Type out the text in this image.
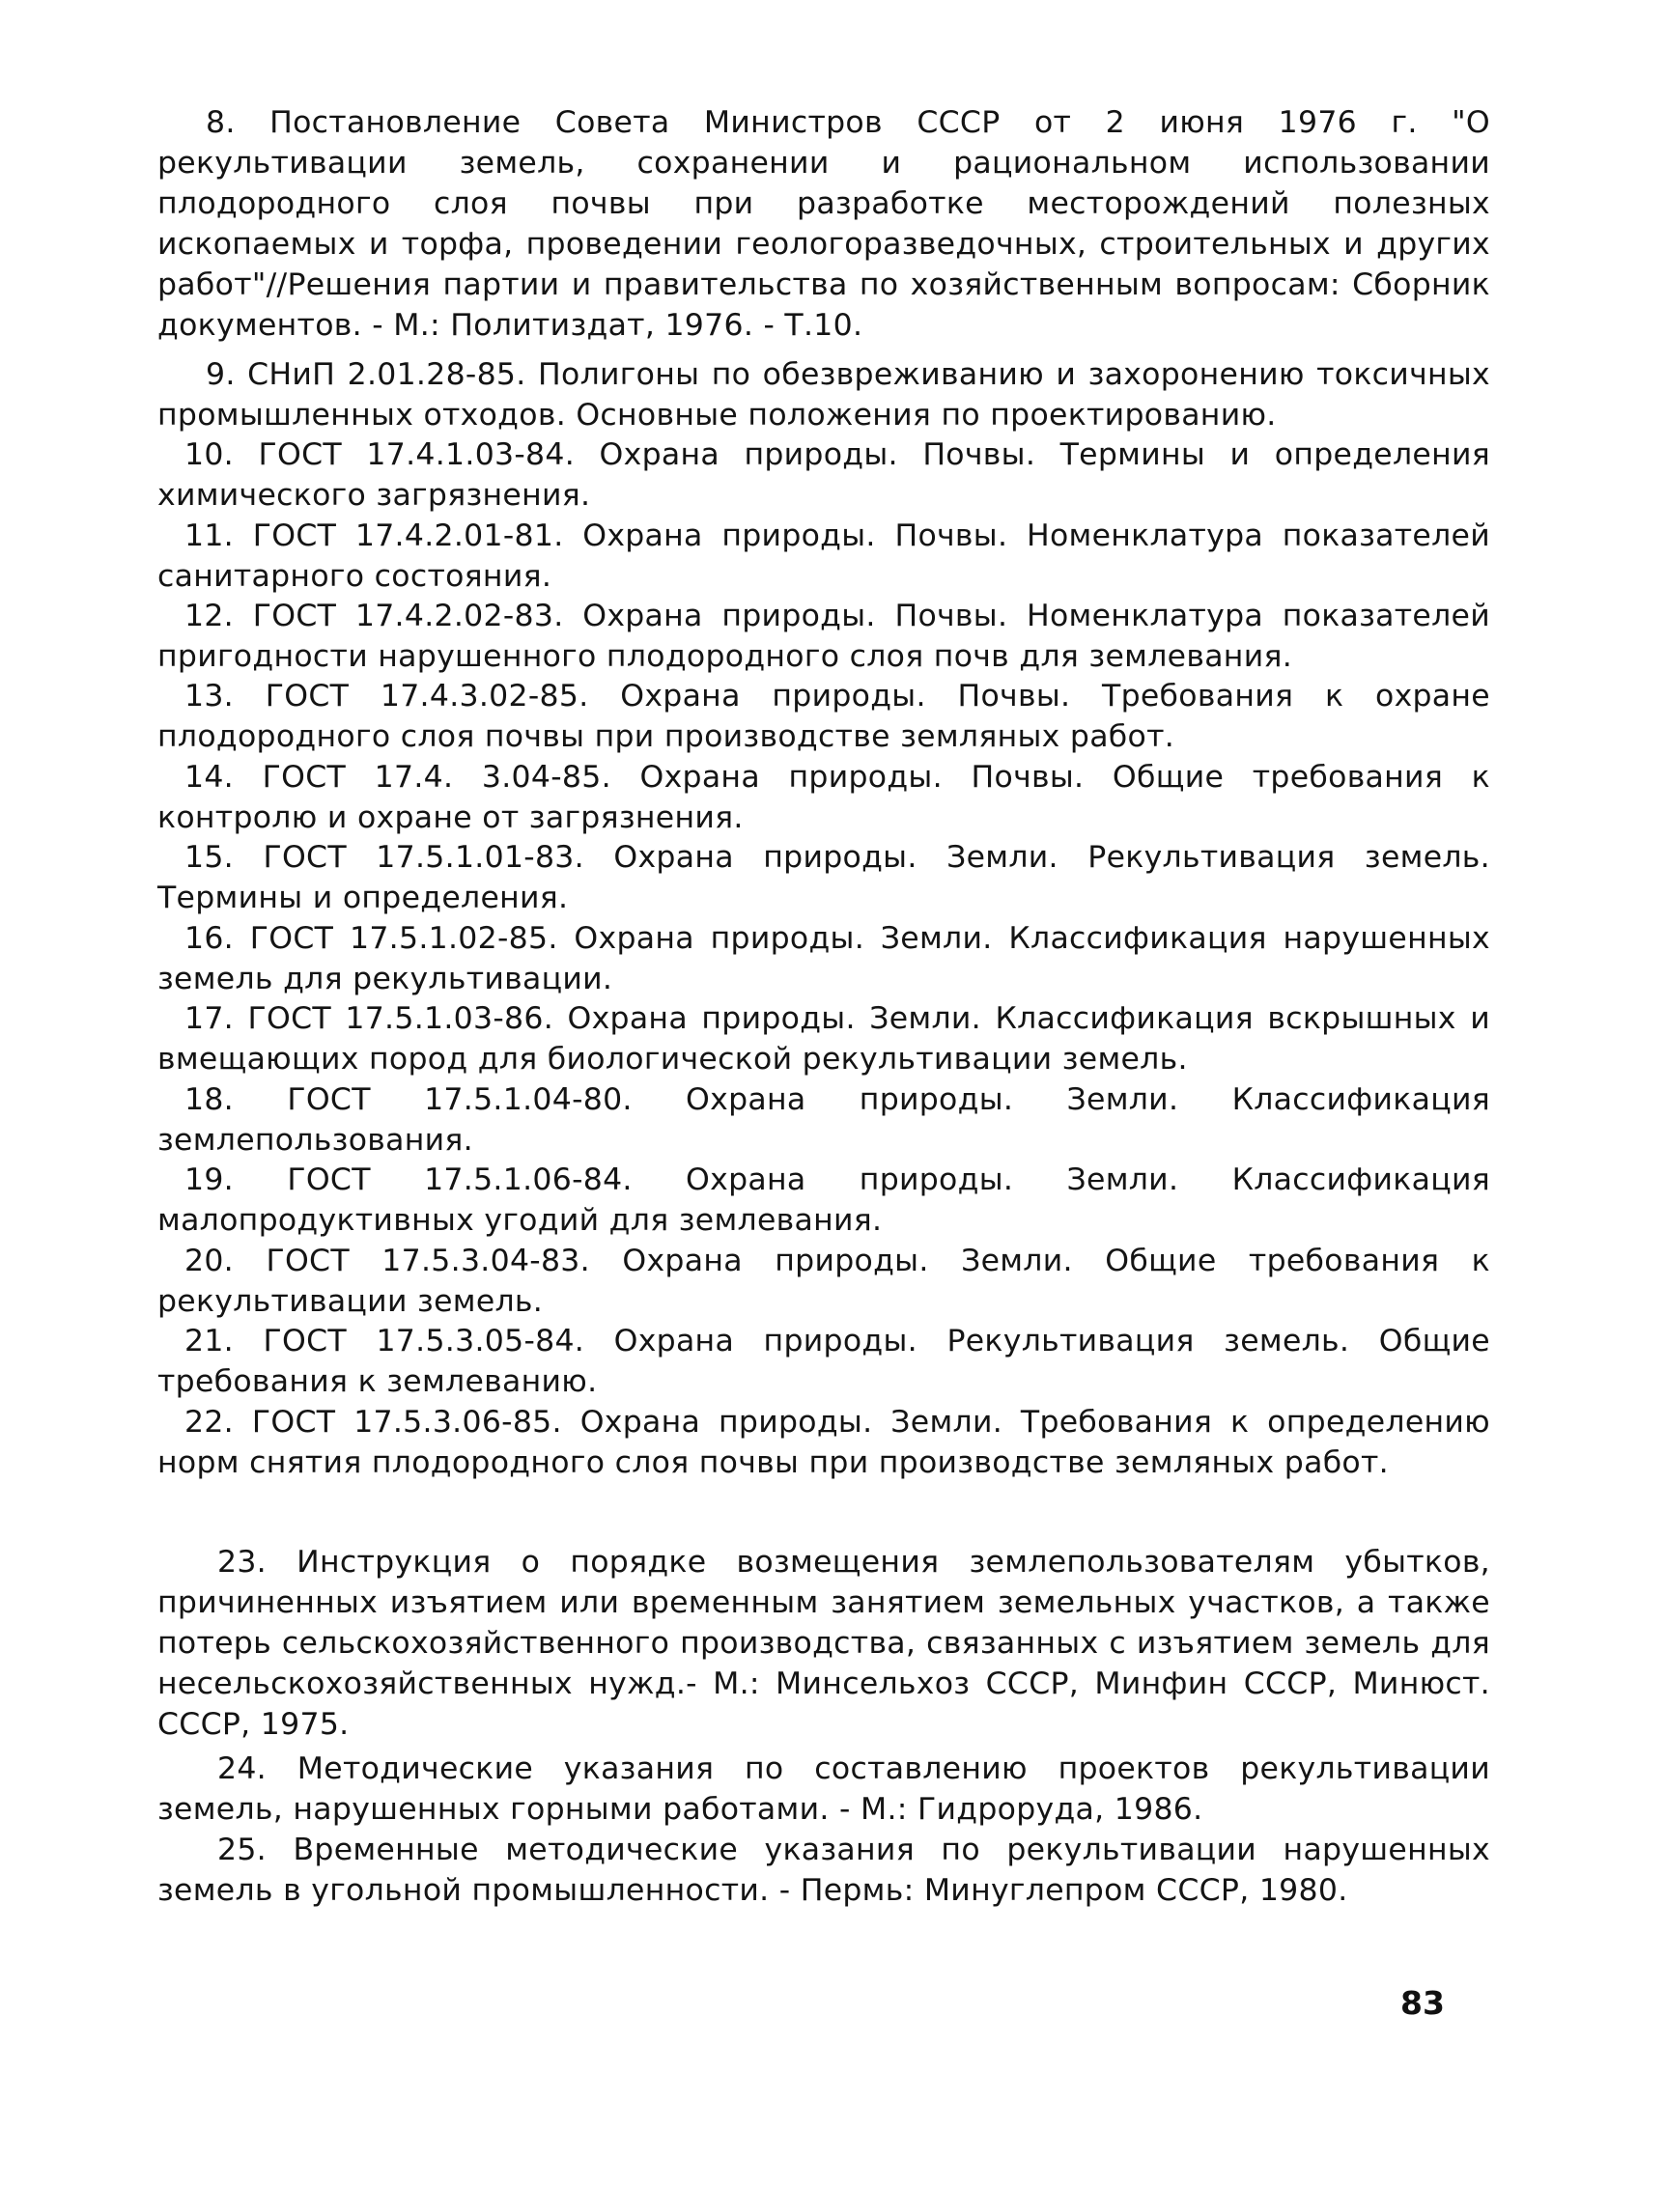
8. Постановление Совета Министров СССР от 2 июня 1976 г. "О рекультивации земель, сохранении и рациональном использовании плодородного слоя почвы при разработке месторождений полезных ископаемых и торфа, проведении геологоразведочных, строительных и других работ"//Решения партии и правительства по хозяйственным вопросам: Сборник документов. - М.: Политиздат, 1976. - Т.10.
9. СНиП 2.01.28-85. Полигоны по обезвреживанию и захоронению токсичных промышленных отходов. Основные положения по проектированию.
10. ГОСТ 17.4.1.03-84. Охрана природы. Почвы. Термины и определения химического загрязнения.
11. ГОСТ 17.4.2.01-81. Охрана природы. Почвы. Номенклатура показателей санитарного состояния.
12. ГОСТ 17.4.2.02-83. Охрана природы. Почвы. Номенклатура показателей пригодности нарушенного плодородного слоя почв для землевания.
13. ГОСТ 17.4.3.02-85. Охрана природы. Почвы. Требования к охране плодородного слоя почвы при производстве земляных работ.
14. ГОСТ 17.4. 3.04-85. Охрана природы. Почвы. Общие требования к контролю и охране от загрязнения.
15. ГОСТ 17.5.1.01-83. Охрана природы. Земли. Рекультивация земель. Термины и определения.
16. ГОСТ 17.5.1.02-85. Охрана природы. Земли. Классификация нарушенных земель для рекультивации.
17. ГОСТ 17.5.1.03-86. Охрана природы. Земли. Классификация вскрышных и вмещающих пород для биологической рекультивации земель.
18. ГОСТ 17.5.1.04-80. Охрана природы. Земли. Классификация землепользования.
19. ГОСТ 17.5.1.06-84. Охрана природы. Земли. Классификация малопродуктивных угодий для землевания.
20. ГОСТ 17.5.3.04-83. Охрана природы. Земли. Общие требования к рекультивации земель.
21. ГОСТ 17.5.3.05-84. Охрана природы. Рекультивация земель. Общие требования к землеванию.
22. ГОСТ 17.5.3.06-85. Охрана природы. Земли. Требования к определению норм снятия плодородного слоя почвы при производстве земляных работ.
23. Инструкция о порядке возмещения землепользователям убытков, причиненных изъятием или временным занятием земельных участков, а также потерь сельскохозяйственного производства, связанных с изъятием земель для несельскохозяйственных нужд.- М.: Минсельхоз СССР, Минфин СССР, Минюст. СССР, 1975.
24. Методические указания по составлению проектов рекультивации земель, нарушенных горными работами. - М.: Гидроруда, 1986.
25. Временные методические указания по рекультивации нарушенных земель в угольной промышленности. - Пермь: Минуглепром СССР, 1980.
83
